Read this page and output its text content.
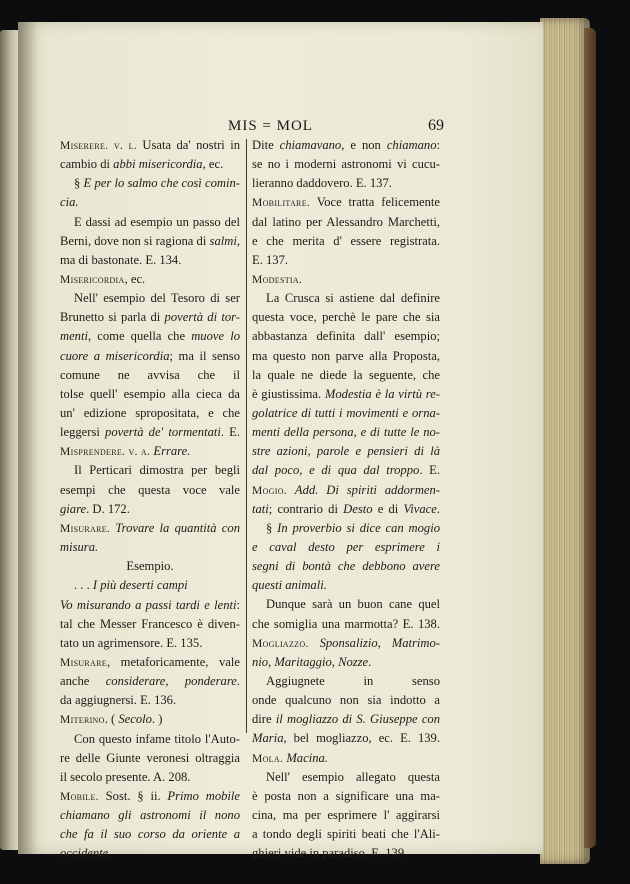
MIS = MOL	69
Miserere. v. l. Usata da' nostri in
cambio di abbi misericordia, ec.
§ E per lo salmo che così comin-
cia.
E dassi ad esempio un passo del
Berni, dove non si ragiona di salmi,
ma di bastonate. E. 134.
Misericordia, ec.
Nell' esempio del Tesoro di ser
Brunetto si parla di povertà di tor-
menti, come quella che muove lo
cuore a misericordia; ma il senso
comune ne avvisa che il
tolse quell' esempio alla cieca da
un' edizione spropositata, e che
leggersi povertà de' tormentati. E.
Misprendere. v. a. Errare.
Il Perticari dimostra per begli
esempi che questa voce vale
giare. D. 172.
Misurare. Trovare la quantità con
misura.
Esempio.
. . . I più deserti campi
Vo misurando a passi tardi e lenti:
tal che Messer Francesco è diven-
tato un agrimensore. E. 135.
Misurare, metaforicamente, vale
anche considerare, ponderare.
da aggiugnersi. E. 136.
Miterino. ( Secolo. )
Con questo infame titolo l'Auto-
re delle Giunte veronesi oltraggia
il secolo presente. A. 208.
Mobile. Sost. § ii. Primo mobile
chiamano gli astronomi il nono
che fa il suo corso da oriente a
occidente.
Dite chiamavano, e non chiamano:
se no i moderni astronomi vi cucu-
lieranno daddovero. E. 137.
Mobilitare. Voce tratta felicemente
dal latino per Alessandro Marchetti,
e che merita d' essere registrata.
E. 137.
Modestia.
La Crusca si astiene dal definire
questa voce, perchè le pare che sia
abbastanza definita dall' esempio;
ma questo non parve alla Proposta,
la quale ne diede la seguente, che
è giustissima. Modestia è la virtù re-
golatrice di tutti i movimenti e orna-
menti della persona, e di tutte le no-
stre azioni, parole e pensieri di là
dal poco, e di qua dal troppo. E.
Mogio. Add. Di spiriti addormen-
tati; contrario di Desto e di Vivace.
§ In proverbio si dice can mogio
e caval desto per esprimere i
segni di bontà che debbono avere
questi animali.
Dunque sarà un buon cane quel
che somiglia una marmotta? E. 138.
Mogliazzo. Sponsalizio, Matrimo-
nio, Maritaggio, Nozze.
Aggiugnete in senso
onde qualcuno non sia indotto a
dire il mogliazzo di S. Giuseppe con
Maria, bel mogliazzo, ec. E. 139.
Mola. Macina.
Nell' esempio allegato questa
è posta non a significare una ma-
cina, ma per esprimere l' aggirarsi
a tondo degli spiriti beati che l'Ali-
ghieri vide in paradiso. E. 139.
